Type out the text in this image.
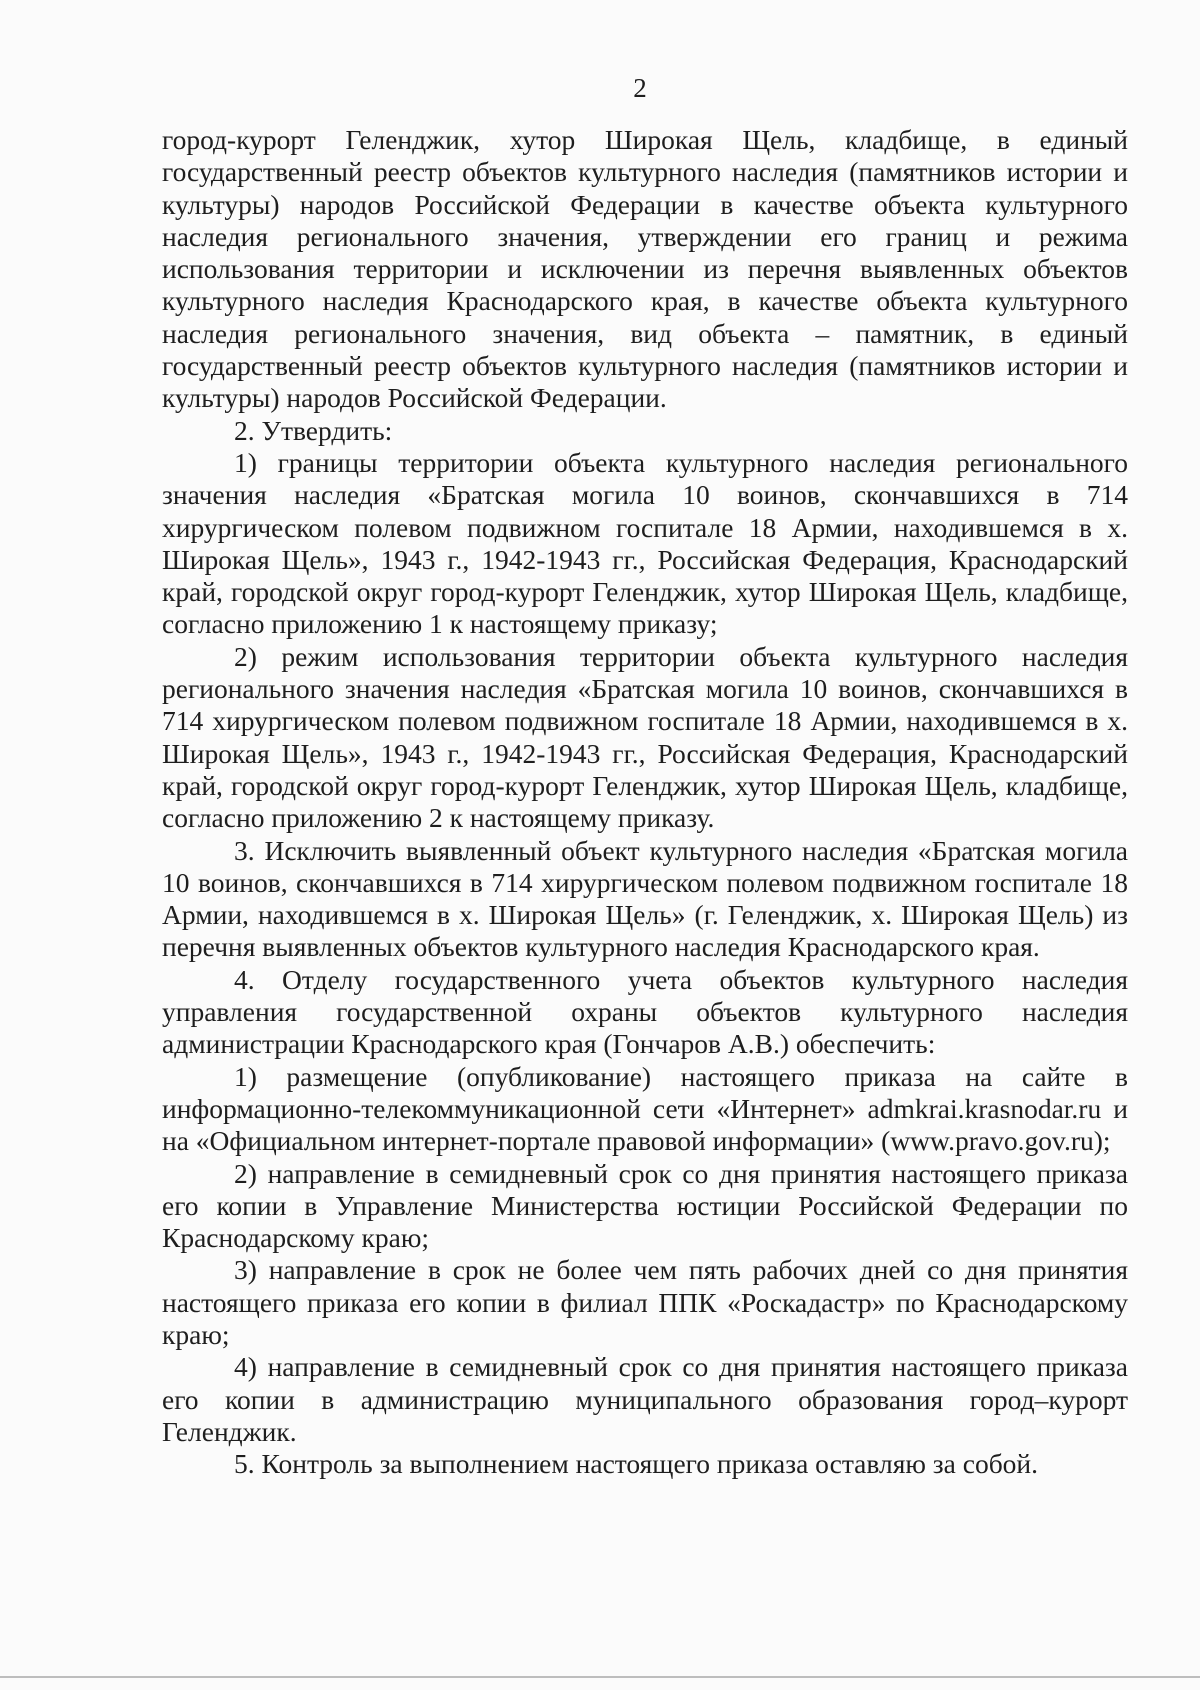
2

город-курорт Геленджик, хутор Широкая Щель, кладбище, в единый государственный реестр объектов культурного наследия (памятников истории и культуры) народов Российской Федерации в качестве объекта культурного наследия регионального значения, утверждении его границ и режима использования территории и исключении из перечня выявленных объектов культурного наследия Краснодарского края, в качестве объекта культурного наследия регионального значения, вид объекта – памятник, в единый государственный реестр объектов культурного наследия (памятников истории и культуры) народов Российской Федерации.

2. Утвердить:

1) границы территории объекта культурного наследия регионального значения наследия «Братская могила 10 воинов, скончавшихся в 714 хирургическом полевом подвижном госпитале 18 Армии, находившемся в х. Широкая Щель», 1943 г., 1942-1943 гг., Российская Федерация, Краснодарский край, городской округ город-курорт Геленджик, хутор Широкая Щель, кладбище, согласно приложению 1 к настоящему приказу;

2) режим использования территории объекта культурного наследия регионального значения наследия «Братская могила 10 воинов, скончавшихся в 714 хирургическом полевом подвижном госпитале 18 Армии, находившемся в х. Широкая Щель», 1943 г., 1942-1943 гг., Российская Федерация, Краснодарский край, городской округ город-курорт Геленджик, хутор Широкая Щель, кладбище, согласно приложению 2 к настоящему приказу.

3. Исключить выявленный объект культурного наследия «Братская могила 10 воинов, скончавшихся в 714 хирургическом полевом подвижном госпитале 18 Армии, находившемся в х. Широкая Щель» (г. Геленджик, х. Широкая Щель) из перечня выявленных объектов культурного наследия Краснодарского края.

4. Отделу государственного учета объектов культурного наследия управления государственной охраны объектов культурного наследия администрации Краснодарского края (Гончаров А.В.) обеспечить:

1) размещение (опубликование) настоящего приказа на сайте в информационно-телекоммуникационной сети «Интернет» admkrai.krasnodar.ru и на «Официальном интернет-портале правовой информации» (www.pravo.gov.ru);

2) направление в семидневный срок со дня принятия настоящего приказа его копии в Управление Министерства юстиции Российской Федерации по Краснодарскому краю;

3) направление в срок не более чем пять рабочих дней со дня принятия настоящего приказа его копии в филиал ППК «Роскадастр» по Краснодарскому краю;

4) направление в семидневный срок со дня принятия настоящего приказа его копии в администрацию муниципального образования город–курорт Геленджик.

5. Контроль за выполнением настоящего приказа оставляю за собой.
